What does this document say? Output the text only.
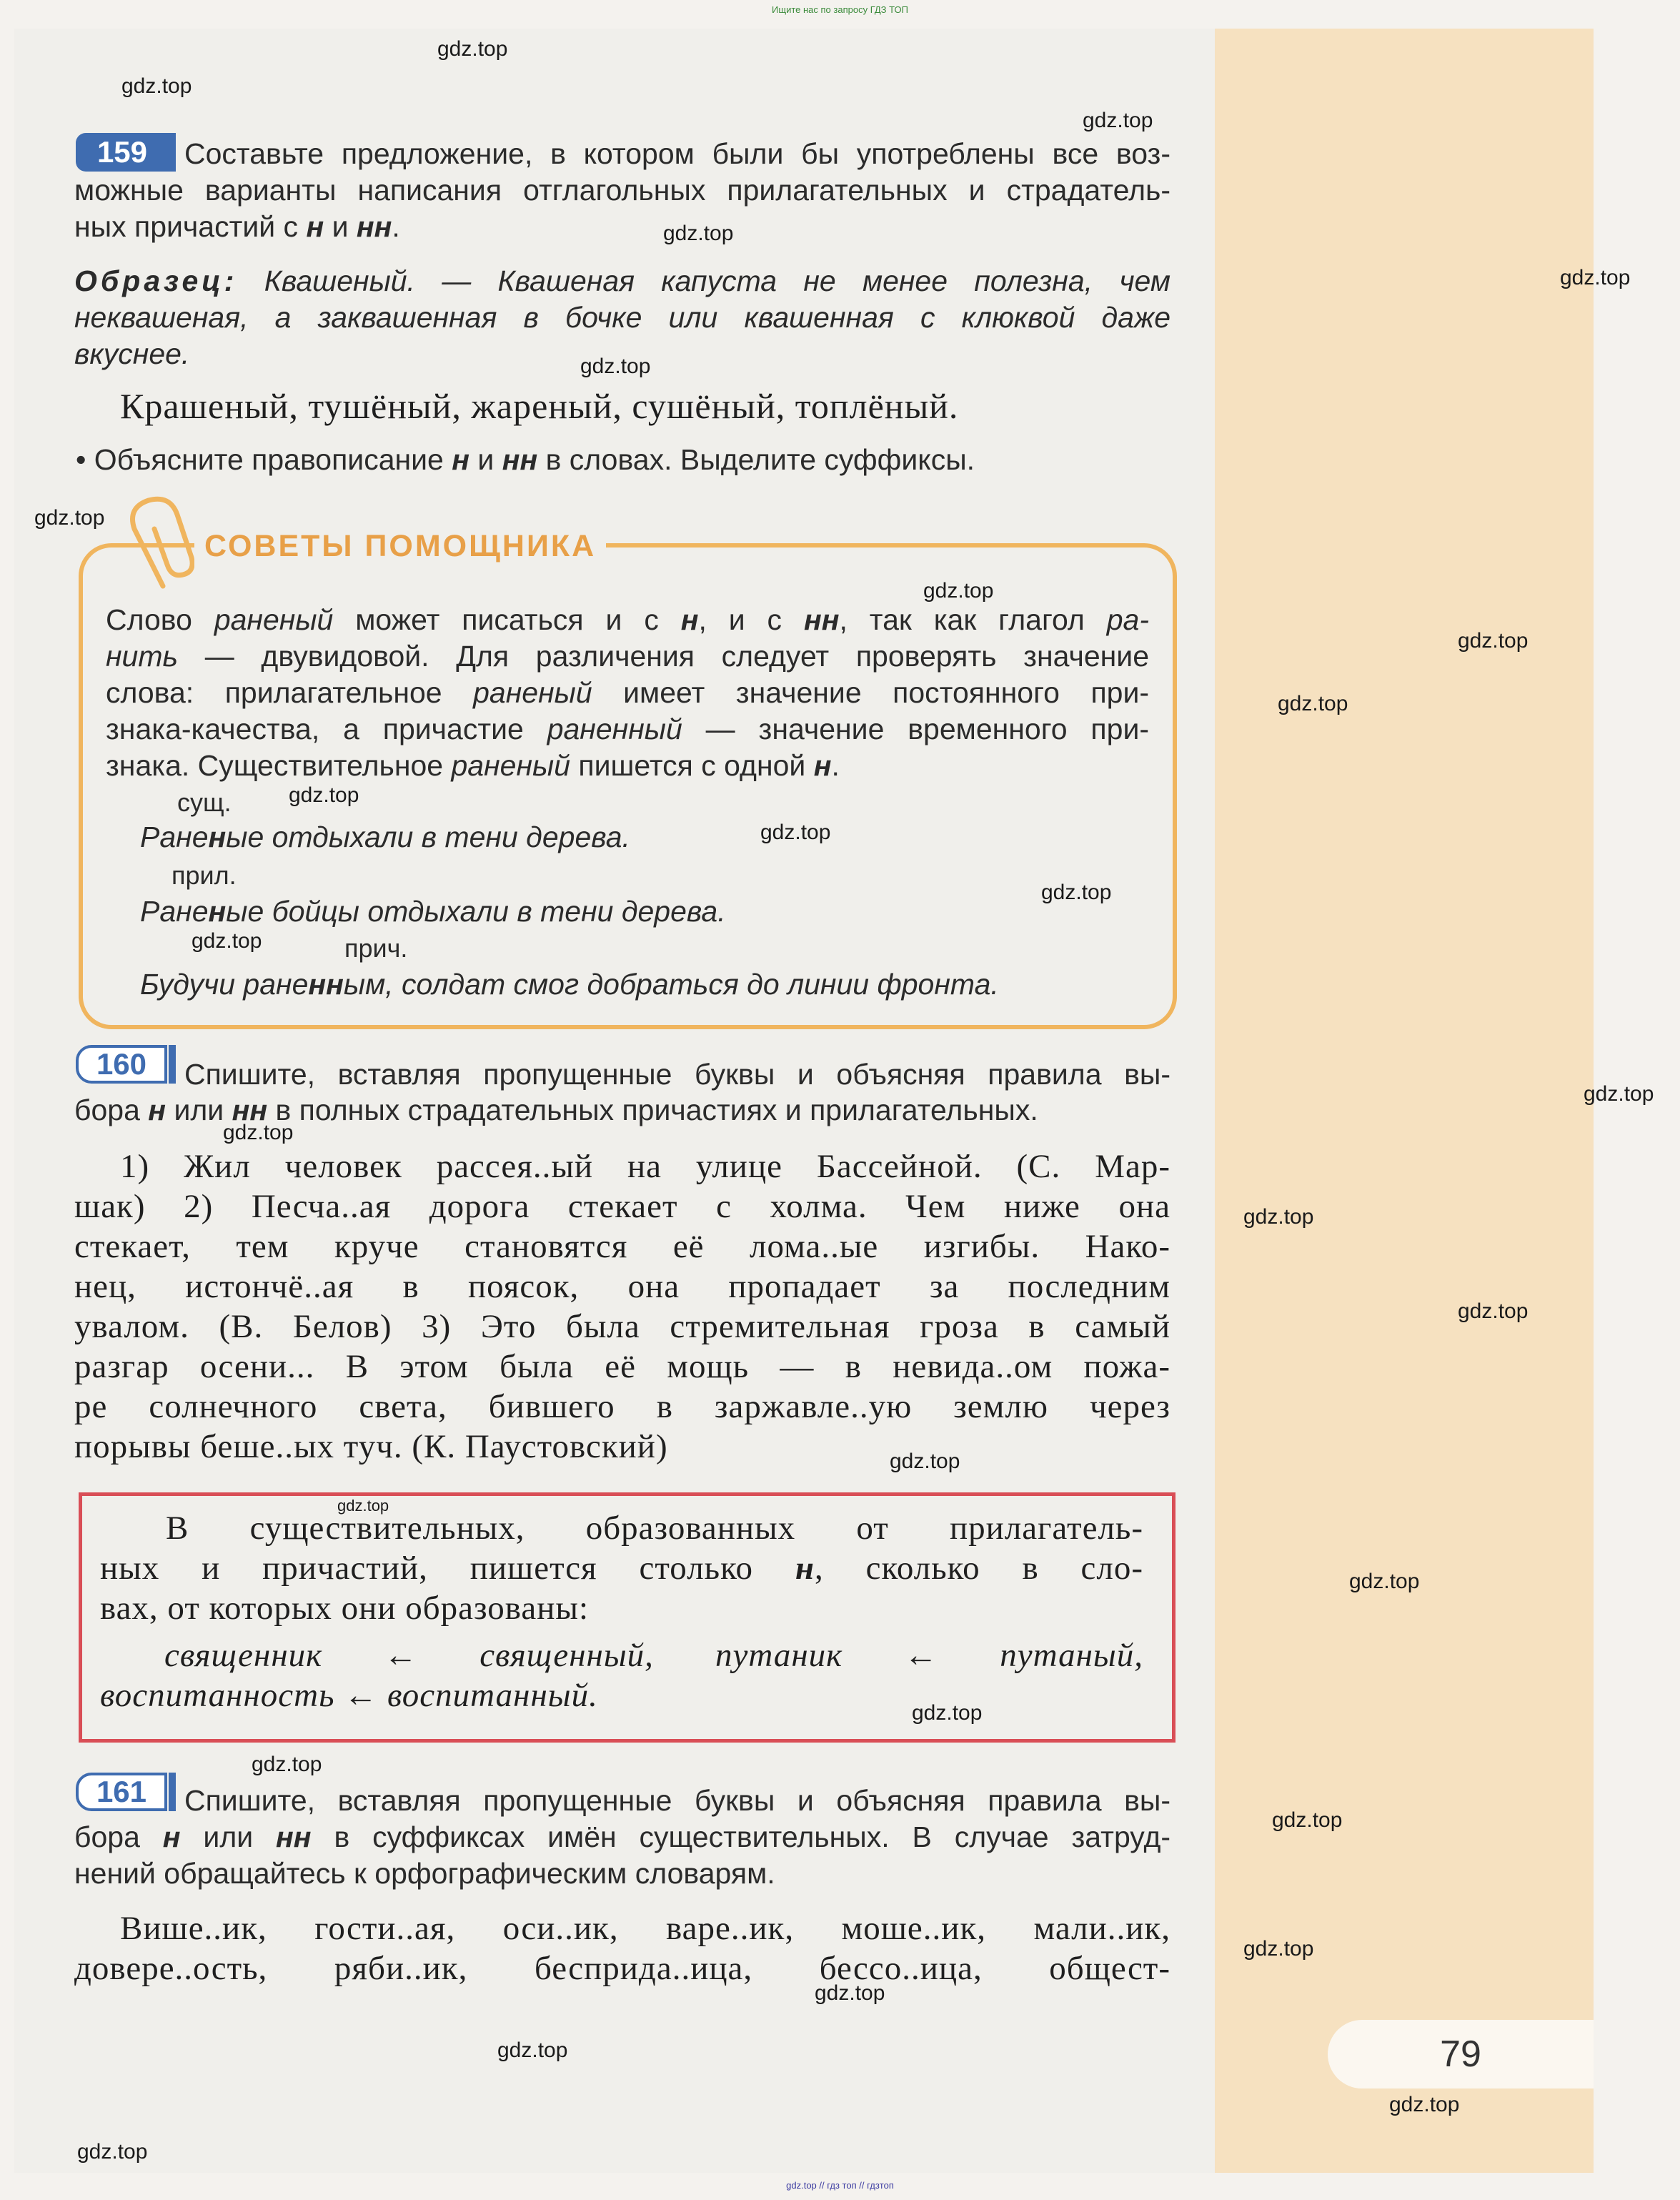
Ищите нас по запросу ГДЗ ТОП
159	Составьте предложение, в котором были бы употреблены все воз-
можные варианты написания отглагольных прилагательных и страдатель-
ных причастий с н и нн.
Образец: Квашеный. — Квашеная капуста не менее полезна, чем
неквашеная, а заквашенная в бочке или квашенная с клюквой даже
вкуснее.
Крашеный, тушёный, жареный, сушёный, топлёный.
• Объясните правописание н и нн в словах. Выделите суффиксы.
СОВЕТЫ ПОМОЩНИКА
Слово раненый может писаться и с н, и с нн, так как глагол ра-
нить — двувидовой. Для различения следует проверять значение
слова: прилагательное раненый имеет значение постоянного при-
знака-качества, а причастие раненный — значение временного при-
знака. Существительное раненый пишется с одной н.
сущ.
Раненые отдыхали в тени дерева.
прил.
Раненые бойцы отдыхали в тени дерева.
прич.
Будучи раненным, солдат смог добраться до линии фронта.
160	Спишите, вставляя пропущенные буквы и объясняя правила вы-
бора н или нн в полных страдательных причастиях и прилагательных.
1) Жил человек рассея..ый на улице Бассейной. (С. Мар-
шак) 2) Песча..ая дорога стекает с холма. Чем ниже она
стекает, тем круче становятся её лома..ые изгибы. Нако-
нец, истончё..ая в поясок, она пропадает за последним
увалом. (В. Белов) 3) Это была стремительная гроза в самый
разгар осени... В этом была её мощь — в невида..ом пожа-
ре солнечного света, бившего в заржавле..ую землю через
порывы беше..ых туч. (К. Паустовский)
В существительных, образованных от прилагатель-
ных и причастий, пишется столько н, сколько в сло-
вах, от которых они образованы:
священник ← священный, путаник ← путаный,
воспитанность ← воспитанный.
161	Спишите, вставляя пропущенные буквы и объясняя правила вы-
бора н или нн в суффиксах имён существительных. В случае затруд-
нений обращайтесь к орфографическим словарям.
Више..ик, гости..ая, оси..ик, варе..ик, моше..ик, мали..ик,
довере..ость, ряби..ик, бесприда..ица, бессо..ица, общест-
79
gdz.top
gdz.top
gdz.top
gdz.top
gdz.top
gdz.top
gdz.top
gdz.top
gdz.top
gdz.top
gdz.top
gdz.top
gdz.top
gdz.top
gdz.top
gdz.top
gdz.top
gdz.top
gdz.top
gdz.top
gdz.top
gdz.top
gdz.top
gdz.top
gdz.top
gdz.top
gdz.top
gdz.top
gdz.top
gdz.top // гдз топ // гдзтоп
